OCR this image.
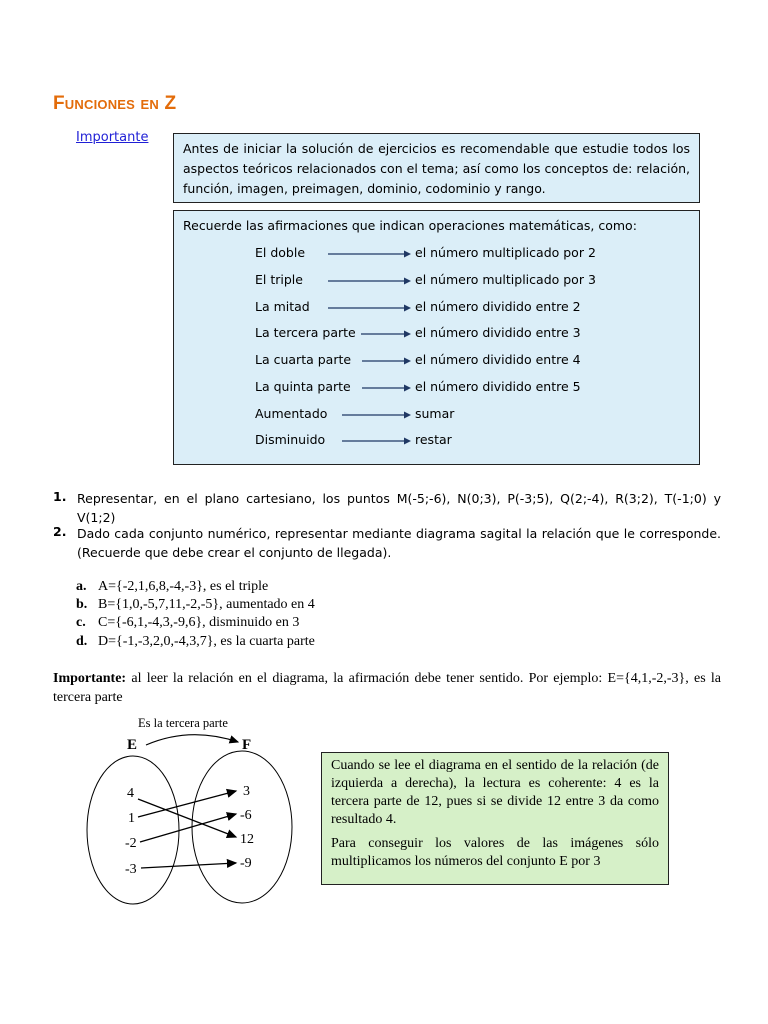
Funciones en Z
Importante
Antes de iniciar la solución de ejercicios es recomendable que estudie todos los aspectos teóricos relacionados con el tema; así como los conceptos de: relación, función, imagen, preimagen, dominio, codominio y rango.
Recuerde las afirmaciones que indican operaciones matemáticas, como:
El doble	el número multiplicado por 2
El triple	el número multiplicado por 3
La mitad	el número dividido entre 2
La tercera parte	el número dividido entre 3
La cuarta parte	el número dividido entre 4
La quinta parte	el número dividido entre 5
Aumentado	sumar
Disminuido	restar
1. Representar, en el plano cartesiano, los puntos M(-5;-6), N(0;3), P(-3;5), Q(2;-4), R(3;2), T(-1;0) y V(1;2)
2. Dado cada conjunto numérico, representar mediante diagrama sagital la relación que le corresponde. (Recuerde que debe crear el conjunto de llegada).
a. A={-2,1,6,8,-4,-3}, es el triple
b. B={1,0,-5,7,11,-2,-5}, aumentado en 4
c. C={-6,1,-4,3,-9,6}, disminuido en 3
d. D={-1,-3,2,0,-4,3,7}, es la cuarta parte
Importante: al leer la relación en el diagrama, la afirmación debe tener sentido. Por ejemplo: E={4,1,-2,-3}, es la tercera parte
Es la tercera parte
E	F
4
1
-2
-3
3
-6
12
-9

Cuando se lee el diagrama en el sentido de la relación (de izquierda a derecha), la lectura es coherente: 4 es la tercera parte de 12, pues si se divide 12 entre 3 da como resultado 4.

Para conseguir los valores de las imágenes sólo multiplicamos los números del conjunto E por 3
